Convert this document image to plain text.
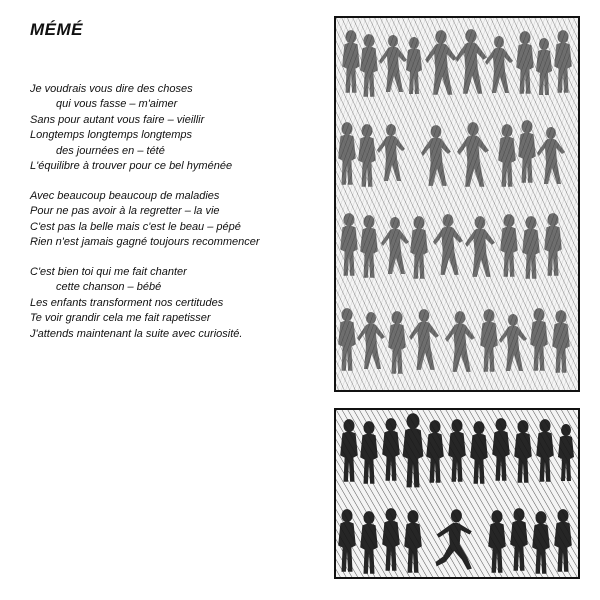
MÉMÉ
Je voudrais vous dire des choses
qui vous fasse – m'aimer
Sans pour autant vous faire – vieillir
Longtemps longtemps longtemps
des journées en – tété
L'équilibre à trouver pour ce bel hyménée
Avec beaucoup beaucoup de maladies
Pour ne pas avoir à la regretter – la vie
C'est pas la belle mais c'est le beau – pépé
Rien n'est jamais gagné toujours recommencer
C'est bien toi qui me fait chanter
cette chanson – bébé
Les enfants transforment nos certitudes
Te voir grandir cela me fait rapetisser
J'attends maintenant la suite avec curiosité.
